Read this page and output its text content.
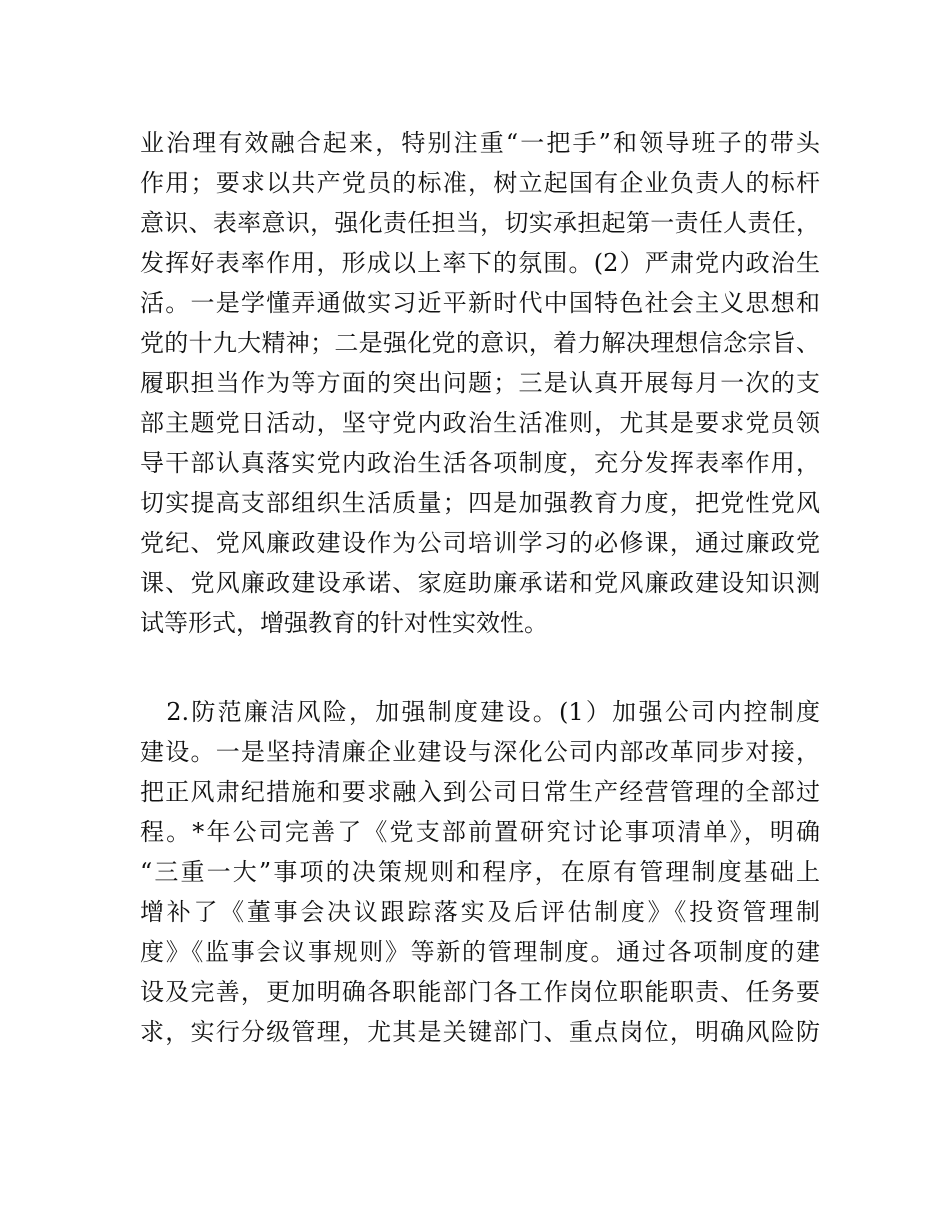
业治理有效融合起来，特别注重“一把手”和领导班子的带头
作用；要求以共产党员的标准，树立起国有企业负责人的标杆
意识、表率意识，强化责任担当，切实承担起第一责任人责任，
发挥好表率作用，形成以上率下的氛围。(2）严肃党内政治生
活。一是学懂弄通做实习近平新时代中国特色社会主义思想和
党的十九大精神；二是强化党的意识，着力解决理想信念宗旨、
履职担当作为等方面的突出问题；三是认真开展每月一次的支
部主题党日活动，坚守党内政治生活准则，尤其是要求党员领
导干部认真落实党内政治生活各项制度，充分发挥表率作用，
切实提高支部组织生活质量；四是加强教育力度，把党性党风
党纪、党风廉政建设作为公司培训学习的必修课，通过廉政党
课、党风廉政建设承诺、家庭助廉承诺和党风廉政建设知识测
试等形式，增强教育的针对性实效性。
　2.防范廉洁风险，加强制度建设。(1）加强公司内控制度
建设。一是坚持清廉企业建设与深化公司内部改革同步对接，
把正风肃纪措施和要求融入到公司日常生产经营管理的全部过
程。*年公司完善了《党支部前置研究讨论事项清单》，明确
“三重一大”事项的决策规则和程序，在原有管理制度基础上
增补了《董事会决议跟踪落实及后评估制度》《投资管理制
度》《监事会议事规则》等新的管理制度。通过各项制度的建
设及完善，更加明确各职能部门各工作岗位职能职责、任务要
求，实行分级管理，尤其是关键部门、重点岗位，明确风险防
